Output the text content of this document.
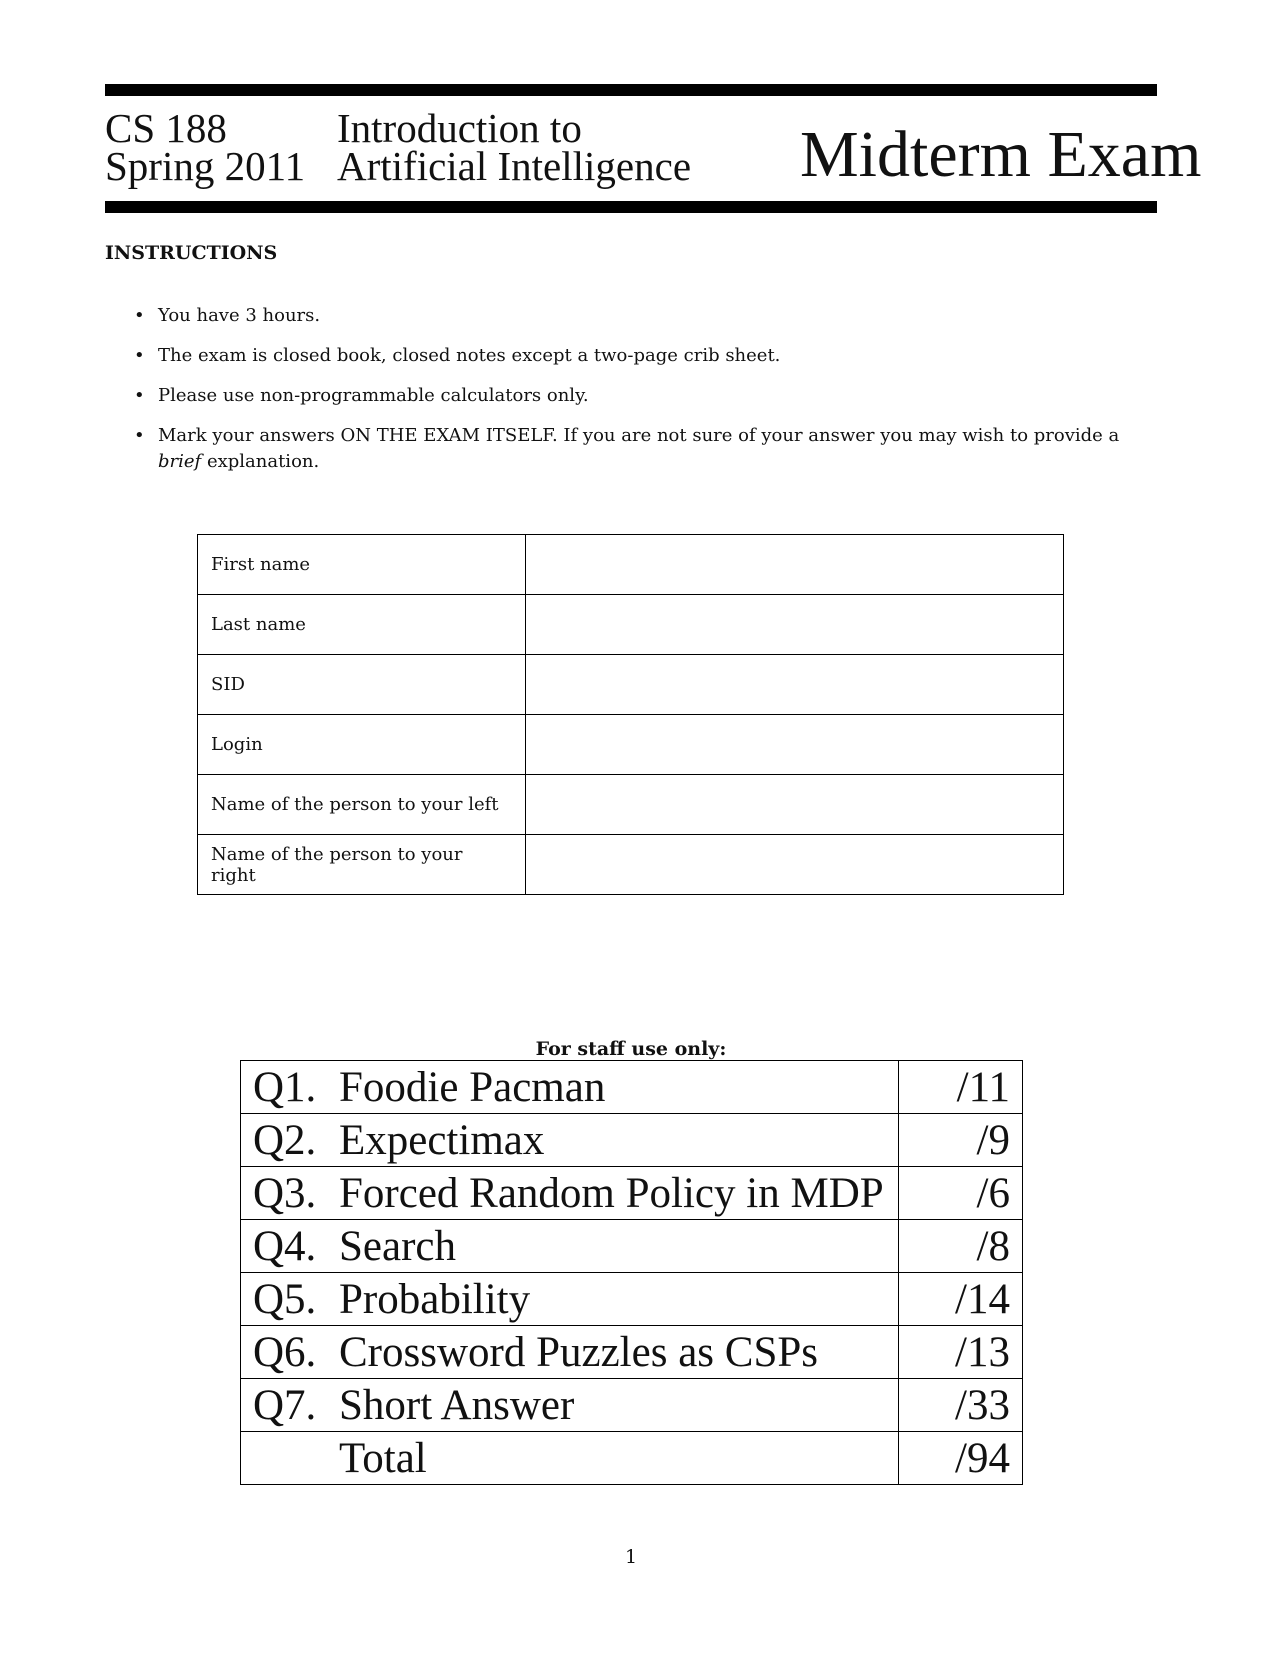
CS 188
Spring 2011
Introduction to
Artificial Intelligence Midterm Exam
INSTRUCTIONS
• You have 3 hours.
• The exam is closed book, closed notes except a two-page crib sheet.
• Please use non-programmable calculators only.
• Mark your answers ON THE EXAM ITSELF. If you are not sure of your answer you may wish to provide a brief explanation.
First name	
Last name	
SID	
Login	
Name of the person to your left	
Name of the person to your right	
For staff use only:
Q1. Foodie Pacman	/11
Q2. Expectimax	/9
Q3. Forced Random Policy in MDP	/6
Q4. Search	/8
Q5. Probability	/14
Q6. Crossword Puzzles as CSPs	/13
Q7. Short Answer	/33
Total	/94
1
